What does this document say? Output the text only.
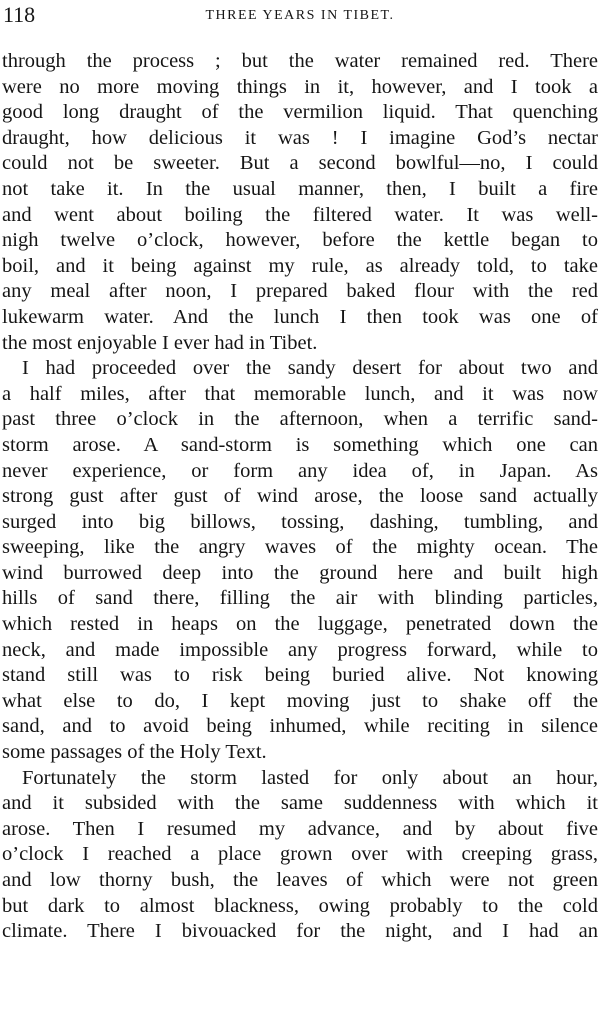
118	THREE YEARS IN TIBET.
through the process ; but the water remained red. There
were no more moving things in it, however, and I took a
good long draught of the vermilion liquid. That quenching
draught, how delicious it was ! I imagine God’s nectar
could not be sweeter. But a second bowlful—no, I could
not take it. In the usual manner, then, I built a fire
and went about boiling the filtered water. It was well-
nigh twelve o’clock, however, before the kettle began to
boil, and it being against my rule, as already told, to take
any meal after noon, I prepared baked flour with the red
lukewarm water. And the lunch I then took was one of
the most enjoyable I ever had in Tibet.
I had proceeded over the sandy desert for about two and
a half miles, after that memorable lunch, and it was now
past three o’clock in the afternoon, when a terrific sand-
storm arose. A sand-storm is something which one can
never experience, or form any idea of, in Japan. As
strong gust after gust of wind arose, the loose sand actually
surged into big billows, tossing, dashing, tumbling, and
sweeping, like the angry waves of the mighty ocean. The
wind burrowed deep into the ground here and built high
hills of sand there, filling the air with blinding particles,
which rested in heaps on the luggage, penetrated down the
neck, and made impossible any progress forward, while to
stand still was to risk being buried alive. Not knowing
what else to do, I kept moving just to shake off the
sand, and to avoid being inhumed, while reciting in silence
some passages of the Holy Text.
Fortunately the storm lasted for only about an hour,
and it subsided with the same suddenness with which it
arose. Then I resumed my advance, and by about five
o’clock I reached a place grown over with creeping grass,
and low thorny bush, the leaves of which were not green
but dark to almost blackness, owing probably to the cold
climate. There I bivouacked for the night, and I had an
